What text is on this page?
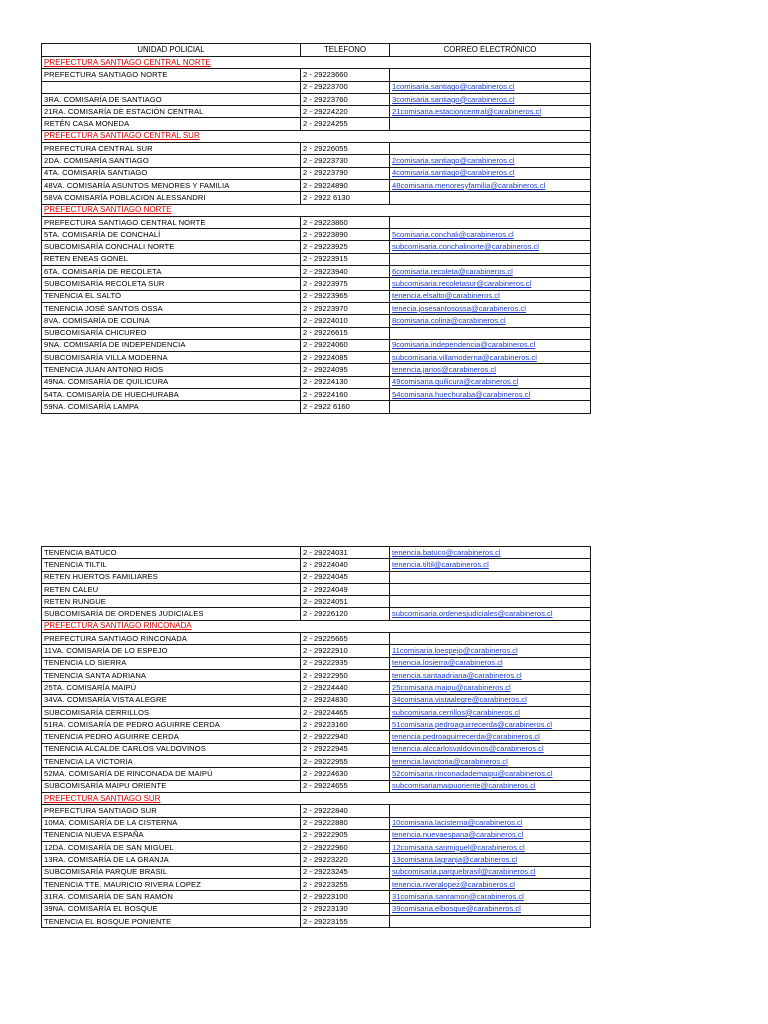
UNIDAD POLICIAL	TELEFONO	CORREO ELECTRÓNICO
PREFECTURA SANTIAGO CENTRAL NORTE		
PREFECTURA SANTIAGO NORTE	2 - 29223660	
	2 - 29223700	1comisaria.santiago@carabineros.cl
3RA. COMISARÍA DE SANTIAGO	2 - 29223760	3comisaria.santiago@carabineros.cl
21RA. COMISARÍA DE ESTACIÓN CENTRAL	2 - 29224220	21comisaria.estacioncentral@carabineros.cl
RETÉN CASA MONEDA	2 - 29224255	
PREFECTURA SANTIAGO CENTRAL SUR		
PREFECTURA CENTRAL SUR	2 - 29226055	
2DA. COMISARÍA SANTIAGO	2 - 29223730	2comisaria.santiago@carabineros.cl
4TA. COMISARÍA SANTIAGO	2 - 29223790	4comisaria.santiago@carabineros.cl
48VA. COMISARÍA ASUNTOS MENORES Y FAMILIA	2 - 29224890	48comisaria.menoresyfamilia@carabineros.cl
58VA COMISARÍA POBLACION ALESSANDRI	2 - 2922 6130	
PREFECTURA SANTIAGO NORTE		
PREFECTURA SANTIAGO CENTRAL NORTE	2 - 29223860	
5TA. COMISARÍA DE CONCHALÍ	2 - 29223890	5comisaria.conchali@carabineros.cl
SUBCOMISARÍA CONCHALI NORTE	2 - 29223925	subcomisaria.conchalinorte@carabineros.cl
RETEN ENEAS GONEL	2 - 29223915	
6TA. COMISARÍA DE RECOLETA	2 - 29223940	6comisaria.recoleta@carabineros.cl
SUBCOMISARÍA RECOLETA SUR	2 - 29223975	subcomisaria.recoletasur@carabineros.cl
TENENCIA EL SALTO	2 - 29223965	tenencia.elsalto@carabineros.cl
TENENCIA JOSÉ SANTOS OSSA	2 - 29223970	tenecia.josesantosossa@carabineros.cl
8VA. COMISARÍA DE COLINA	2 - 29224010	8comisaria.colina@carabineros.cl
SUBCOMISARÍA CHICUREO	2 - 29226615	
9NA. COMISARÍA DE INDEPENDENCIA	2 - 29224060	9comisaria.independencia@carabineros.cl
SUBCOMISARÍA VILLA MODERNA	2 - 29224085	subcomisaria.villamoderna@carabineros.cl
TENENCIA JUAN ANTONIO RIOS	2 - 29224095	tenencia.jarios@carabineros.cl
49NA. COMISARÍA DE QUILICURA	2 - 29224130	49comisaria.quilicura@carabineros.cl
54TA. COMISARÍA DE HUECHURABA	2 - 29224160	54comisaria.huechuraba@carabineros.cl
59NA. COMISARÍA LAMPA	2 - 2922 6160	
TENENCIA BATUCO	2 - 29224031	tenencia.batuco@carabineros.cl
TENENCIA TILTIL	2 - 29224040	tenencia.tiltil@carabineros.cl
RETEN HUERTOS FAMILIARES	2 - 29224045	
RETEN CALEU	2 - 29224049	
RETEN RUNGUE	2 - 29224051	
SUBCOMISARÍA DE ORDENES JUDICIALES	2 - 29226120	subcomisaria.ordenesjudiciales@carabineros.cl
PREFECTURA SANTIAGO RINCONADA		
PREFECTURA SANTIAGO RINCONADA	2 - 29225665	
11VA. COMISARÍA DE LO ESPEJO	2 - 29222910	11comisaria.loespejo@carabineros.cl
TENENCIA LO SIERRA	2 - 29222935	tenencia.losierra@carabineros.cl
TENENCIA SANTA ADRIANA	2 - 29222950	tenencia.santaadriana@carabineros.cl
25TA. COMISARÍA MAIPÚ	2 - 29224440	25comisaria.maipu@carabineros.cl
34VA. COMISARÍA VISTA ALEGRE	2 - 29224830	34comisaria.vistaalegre@carabineros.cl
SUBCOMISARÍA CERRILLOS	2 - 29224465	subcomisaria.cerrillos@carabineros.cl
51RA. COMISARÍA DE PEDRO AGUIRRE CERDA	2 - 29223160	51comisaria.pedroaguirrecerda@carabineros.cl
TENENCIA PEDRO AGUIRRE CERDA	2 - 29222940	tenencia.pedroaguirrecerda@carabineros.cl
TENENCIA ALCALDE CARLOS VALDOVINOS	2 - 29222945	tenencia.alccarlosvaldovinos@carabineros.cl
TENENCIA LA VICTORIA	2 - 29222955	tenencia.lavictoria@carabineros.cl
52MA. COMISARÍA DE RINCONADA DE MAIPÚ	2 - 29224630	52comisaria.rinconadademaipu@carabineros.cl
SUBCOMISARÍA MAIPU ORIENTE	2 - 29224655	subcomisariamaipuoriente@carabineros.cl
PREFECTURA SANTIAGO SUR		
PREFECTURA SANTIAGO SUR	2 - 29222840	
10MA. COMISARÍA DE LA CISTERNA	2 - 29222880	10comisaria.lacisterna@carabineros.cl
TENENCIA NUEVA ESPAÑA	2 - 29222905	tenencia.nuevaespana@carabineros.cl
12DA. COMISARÍA DE SAN MIGUEL	2 - 29222960	12comisaria.sanmiguel@carabineros.cl
13RA. COMISARÍA DE LA GRANJA	2 - 29223220	13comisaria.lagranja@carabineros.cl
SUBCOMISARÍA PARQUE BRASIL	2 - 29223245	subcomisaria.parquebrasil@carabineros.cl
TENENCIA TTE. MAURICIO RIVERA LOPEZ	2 - 29223255	tenencia.riveralopez@carabineros.cl
31RA. COMISARÍA DE SAN RAMÓN	2 - 29223100	31comisaria.sanramon@carabineros.cl
39NA. COMISARÍA EL BOSQUE	2 - 29223130	39comisaria.elbosque@carabineros.cl
TENENCIA EL BOSQUE PONIENTE	2 - 29223155	
